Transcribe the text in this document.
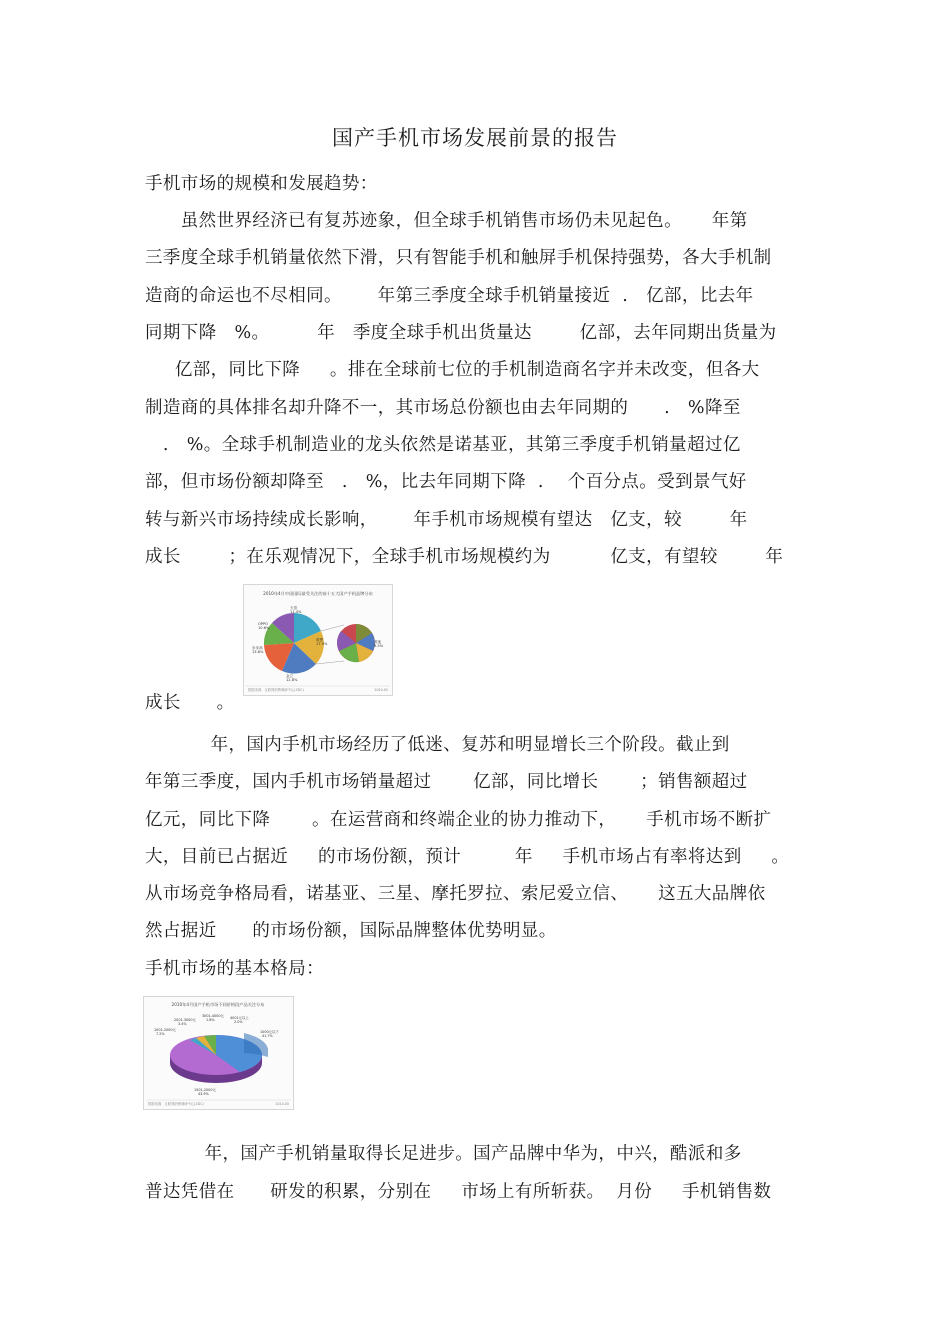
国产手机市场发展前景的报告
手机市场的规模和发展趋势：
虽然世界经济已有复苏迹象，但全球手机销售市场仍未见起色。     年第
三季度全球手机销量依然下滑，只有智能手机和触屏手机保持强势，各大手机制
造商的命运也不尽相同。      年第三季度全球手机销量接近  .   亿部，比去年
同期下降   %。        年   季度全球手机出货量达        亿部，去年同期出货量为
亿部，同比下降     。排在全球前七位的手机制造商名字并未改变，但各大
制造商的具体排名却升降不一，其市场总份额也由去年同期的      .   %降至
.   %。全球手机制造业的龙头依然是诺基亚，其第三季度手机销量超过亿
部，但市场份额却降至   .   %，比去年同期下降  .    个百分点。受到景气好
转与新兴市场持续成长影响，      年手机市场规模有望达   亿支，较        年
成长        ；在乐观情况下，全球手机市场规模约为          亿支，有望较        年
2010年4月中国国际最受关注的前十五大国产手机品牌分布
天语
11.4%
OPPO
10.6%
步步高
13.6%
金立
12.8%
联想
17.9%	其他
9.5%
数据来源：互联网消费调研中心(ZDC)	2010.05
成长      。
年，国内手机市场经历了低迷、复苏和明显增长三个阶段。截止到
年第三季度，国内手机市场销量超过       亿部，同比增长       ；销售额超过
亿元，同比下降       。在运营商和终端企业的协力推动下，     手机市场不断扩
大，目前已占据近     的市场份额，预计         年     手机市场占有率将达到     。
从市场竞争格局看，诺基亚、三星、摩托罗拉、索尼爱立信、     这五大品牌依
然占据近      的市场份额，国际品牌整体优势明显。
手机市场的基本格局：
2010年4月国产手机市场不同价格段产品关注分布
1000元以下
41.7%
1501-2000元
43.9%
1001-2000元
7.2%
2001-3000元
3.4%
3001-4000元
1.8%	4001元以上
2.0%
数据来源：互联网消费调研中心(ZDC)	2010.05
年，国产手机销量取得长足进步。国产品牌中华为，中兴，酷派和多
普达凭借在      研发的积累，分别在     市场上有所斩获。  月份     手机销售数
